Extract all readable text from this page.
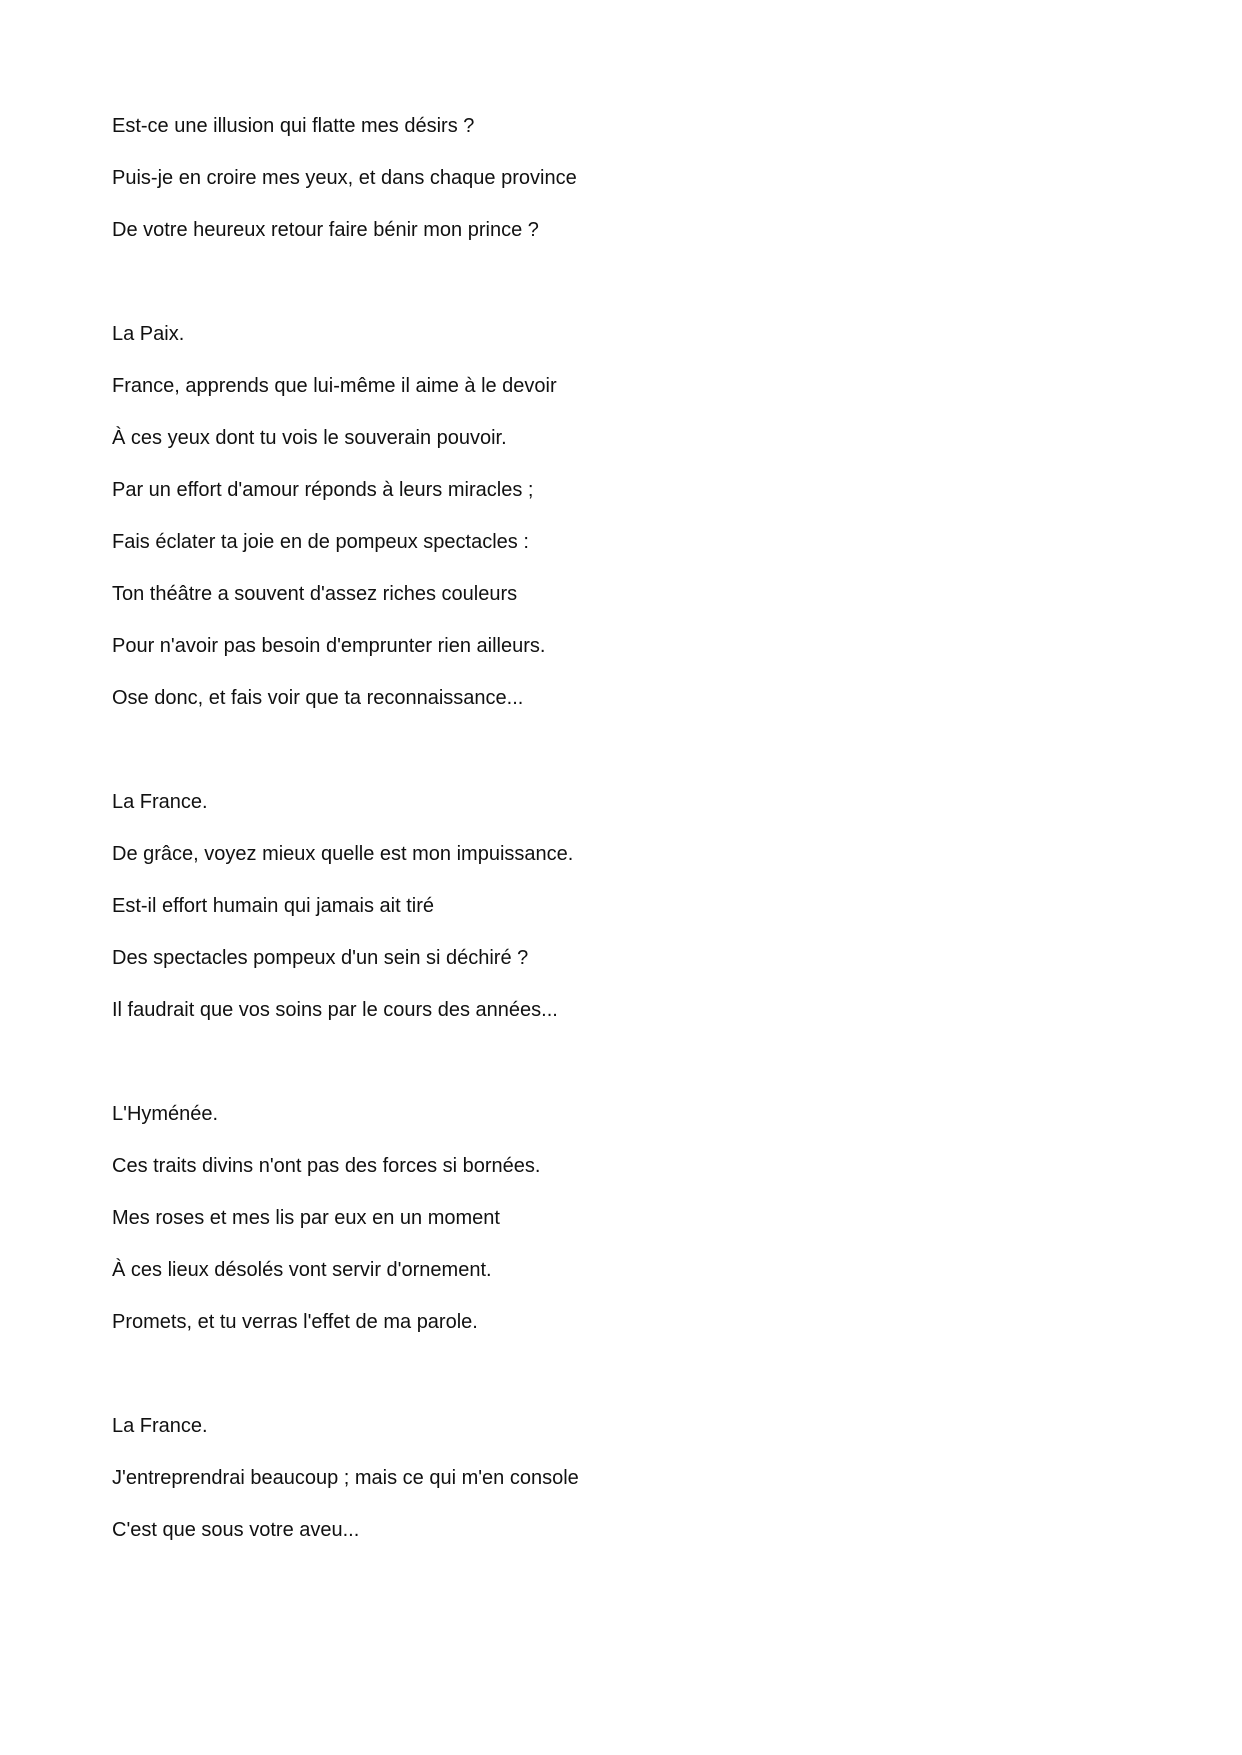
Est-ce une illusion qui flatte mes désirs ?
Puis-je en croire mes yeux, et dans chaque province
De votre heureux retour faire bénir mon prince ?
La Paix.
France, apprends que lui-même il aime à le devoir
À ces yeux dont tu vois le souverain pouvoir.
Par un effort d'amour réponds à leurs miracles ;
Fais éclater ta joie en de pompeux spectacles :
Ton théâtre a souvent d'assez riches couleurs
Pour n'avoir pas besoin d'emprunter rien ailleurs.
Ose donc, et fais voir que ta reconnaissance...
La France.
De grâce, voyez mieux quelle est mon impuissance.
Est-il effort humain qui jamais ait tiré
Des spectacles pompeux d'un sein si déchiré ?
Il faudrait que vos soins par le cours des années...
L'Hyménée.
Ces traits divins n'ont pas des forces si bornées.
Mes roses et mes lis par eux en un moment
À ces lieux désolés vont servir d'ornement.
Promets, et tu verras l'effet de ma parole.
La France.
J'entreprendrai beaucoup ; mais ce qui m'en console
C'est que sous votre aveu...
